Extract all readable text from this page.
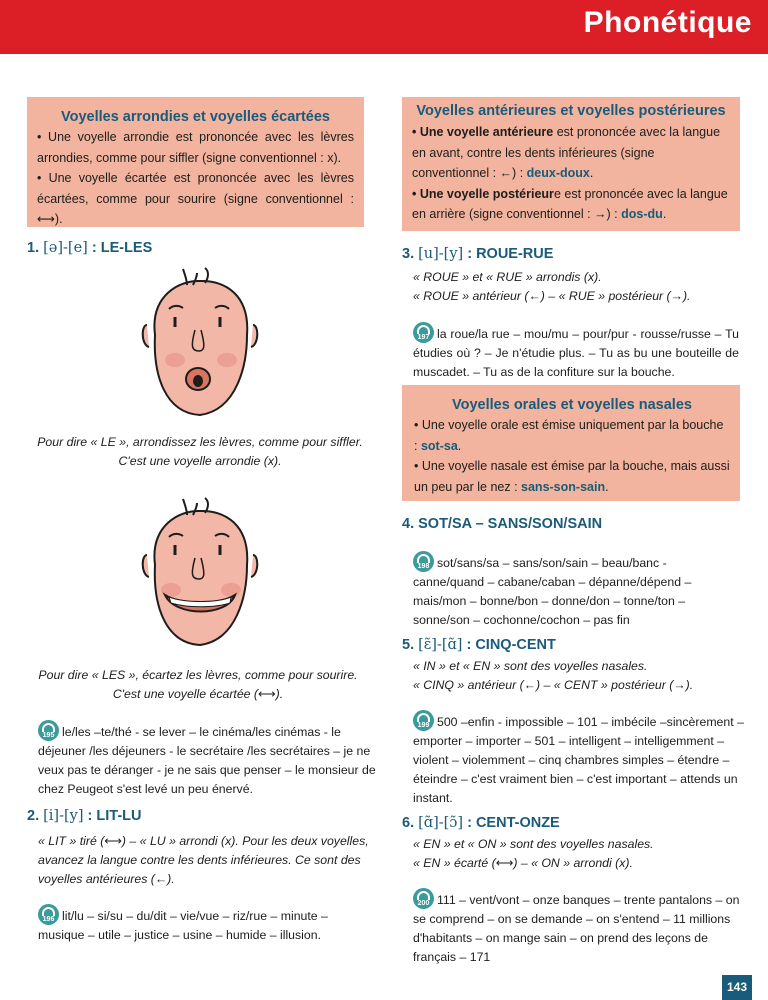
Phonétique
Voyelles arrondies et voyelles écartées

• Une voyelle arrondie est prononcée avec les lèvres arrondies, comme pour siffler (signe conventionnel : x).

• Une voyelle écartée est prononcée avec les lèvres écartées, comme pour sourire (signe conventionnel : ⟷).

Voyelles antérieures et voyelles postérieures

• Une voyelle antérieure est prononcée avec la langue en avant, contre les dents inférieures (signe conventionnel : ←) : deux-doux.

• Une voyelle postérieure est prononcée avec la langue en arrière (signe conventionnel : →) : dos-du.

1. [ə]-[e] : LE-LES
Pour dire « LE », arrondissez les lèvres, comme pour siffler. C'est une voyelle arrondie (x).
Pour dire « LES », écartez les lèvres, comme pour sourire. C'est une voyelle écartée (⟷).
195 le/les –te/thé - se lever – le cinéma/les cinémas - le déjeuner /les déjeuners - le secrétaire /les secrétaires – je ne veux pas te déranger - je ne sais que penser – le monsieur de chez Peugeot s'est levé un peu énervé.
2. [i]-[y] : LIT-LU
« LIT » tiré (⟷) – « LU » arrondi (x). Pour les deux voyelles, avancez la langue contre les dents inférieures. Ce sont des voyelles antérieures (←).
196 lit/lu – si/su – du/dit – vie/vue – riz/rue – minute – musique – utile – justice – usine – humide – illusion.
3. [u]-[y] : ROUE-RUE
« ROUE » et « RUE » arrondis (x).
« ROUE » antérieur (←) – « RUE » postérieur (→).
197 la roue/la rue – mou/mu – pour/pur - rousse/russe – Tu étudies où ? – Je n'étudie plus. – Tu as bu une bouteille de muscadet. – Tu as de la confiture sur la bouche.
Voyelles orales et voyelles nasales

• Une voyelle orale est émise uniquement par la bouche : sot-sa.

• Une voyelle nasale est émise par la bouche, mais aussi un peu par le nez : sans-son-sain.

4. SOT/SA – SANS/SON/SAIN
198 sot/sans/sa – sans/son/sain – beau/banc - canne/quand – cabane/caban – dépanne/dépend –mais/mon – bonne/bon – donne/don – tonne/ton – sonne/son – cochonne/cochon – pas fin
5. [ɛ̃]-[ɑ̃] : CINQ-CENT
« IN » et « EN » sont des voyelles nasales.
« CINQ » antérieur (←) – « CENT » postérieur (→).
199 500 –enfin - impossible – 101 – imbécile –sincèrement –emporter – importer – 501 – intelligent – intelligemment –violent – violemment – cinq chambres simples – étendre – éteindre – c'est vraiment bien – c'est important – attends un instant.
6. [ɑ̃]-[ɔ̃] : CENT-ONZE
« EN » et « ON » sont des voyelles nasales.
« EN » écarté (⟷) – « ON » arrondi (x).
200 111 – vent/vont – onze banques – trente pantalons – on se comprend – on se demande – on s'entend – 11 millions d'habitants – on mange sain – on prend des leçons de français – 171
143
